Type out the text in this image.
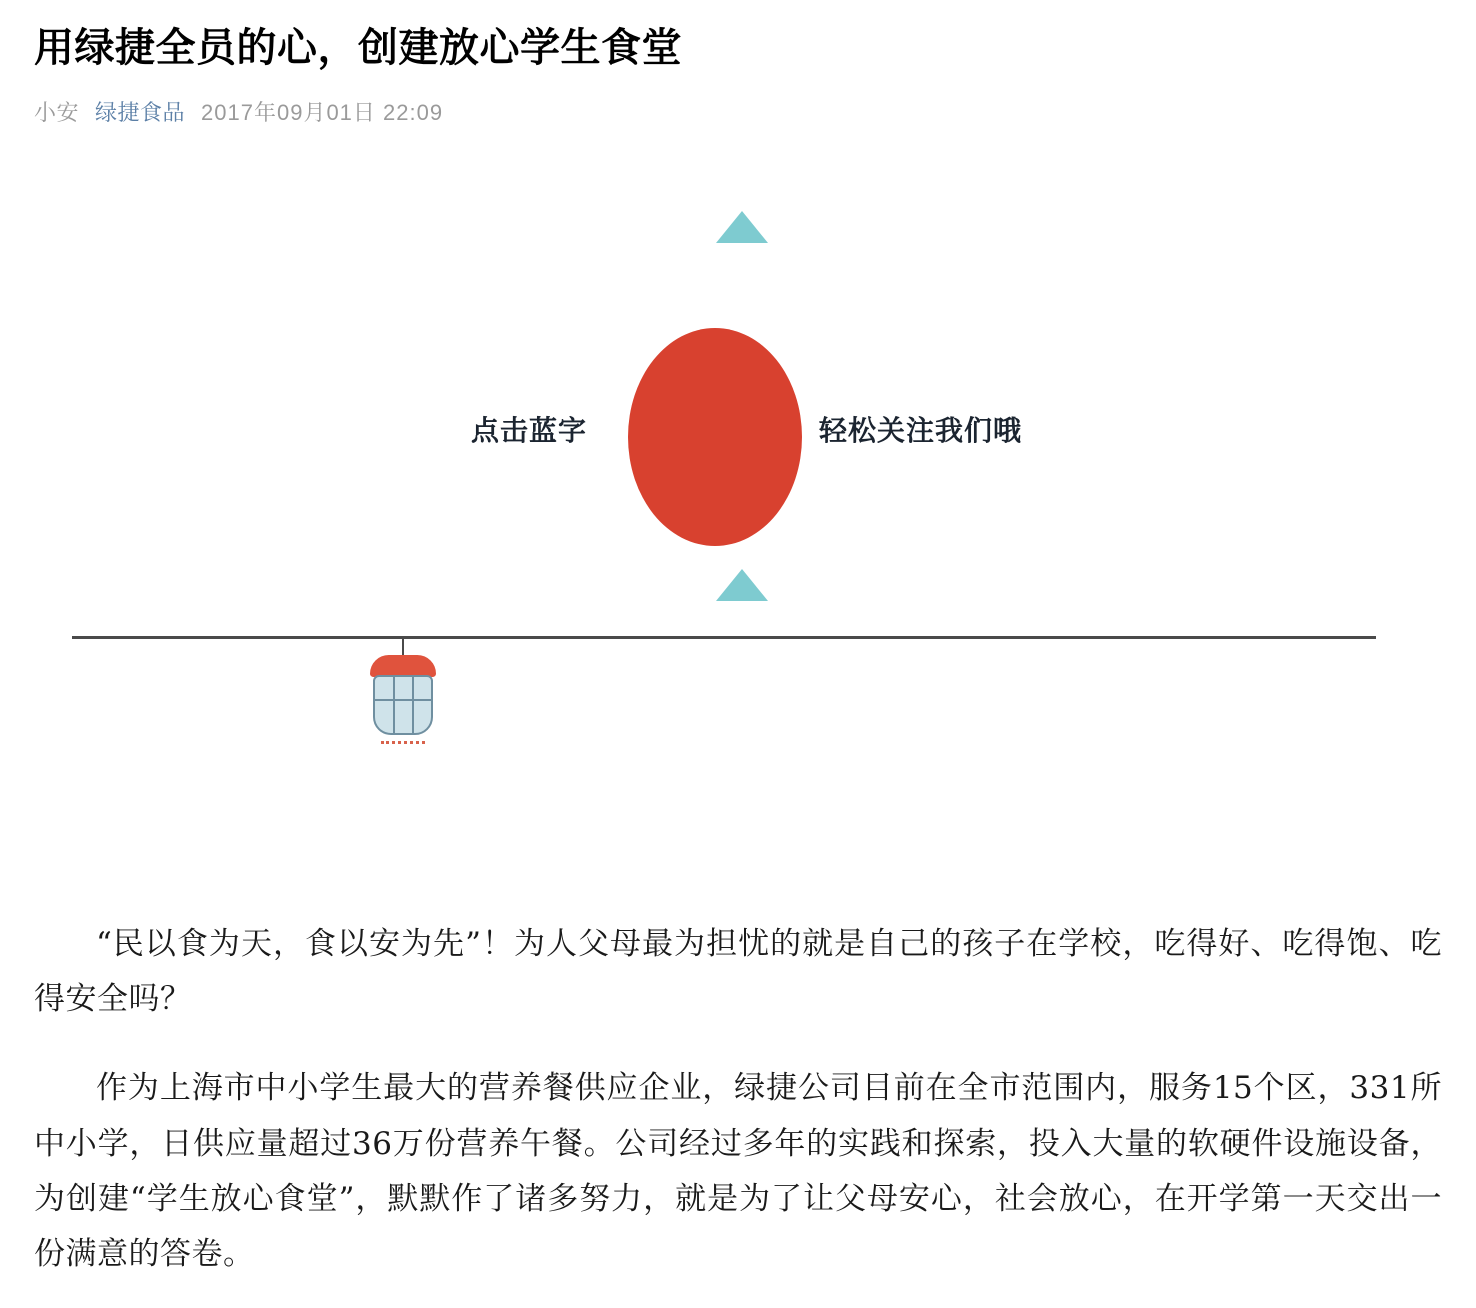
用绿捷全员的心，创建放心学生食堂
小安 绿捷食品 2017年09月01日 22:09
点击蓝字	轻松关注我们哦

“民以食为天，食以安为先”！为人父母最为担忧的就是自己的孩子在学校，吃得好、吃得饱、吃得安全吗？

作为上海市中小学生最大的营养餐供应企业，绿捷公司目前在全市范围内，服务15个区，331所中小学，日供应量超过36万份营养午餐。公司经过多年的实践和探索，投入大量的软硬件设施设备，为创建“学生放心食堂”，默默作了诸多努力，就是为了让父母安心，社会放心，在开学第一天交出一份满意的答卷。
